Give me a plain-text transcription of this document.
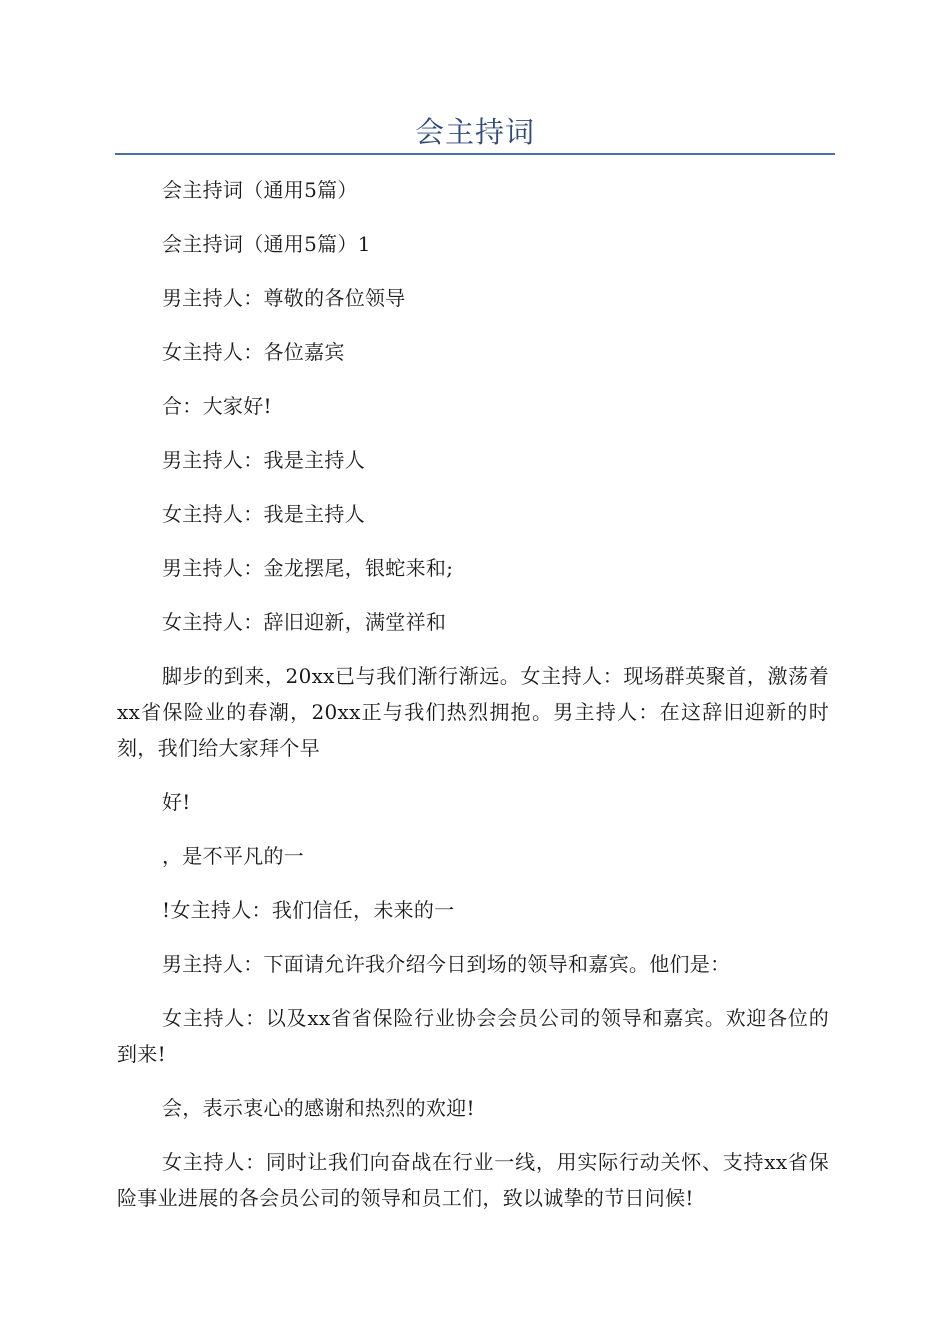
会主持词

会主持词（通用5篇）

会主持词（通用5篇）1

男主持人：尊敬的各位领导

女主持人：各位嘉宾

合：大家好!

男主持人：我是主持人

女主持人：我是主持人

男主持人：金龙摆尾，银蛇来和;

女主持人：辞旧迎新，满堂祥和

脚步的到来，20xx已与我们渐行渐远。女主持人：现场群英聚首，激荡着xx省保险业的春潮，20xx正与我们热烈拥抱。男主持人：在这辞旧迎新的时刻，我们给大家拜个早

好!

，是不平凡的一

!女主持人：我们信任，未来的一

男主持人：下面请允许我介绍今日到场的领导和嘉宾。他们是：

女主持人：以及xx省省保险行业协会会员公司的领导和嘉宾。欢迎各位的到来!

会，表示衷心的感谢和热烈的欢迎!

女主持人：同时让我们向奋战在行业一线，用实际行动关怀、支持xx省保险事业进展的各会员公司的领导和员工们，致以诚挚的节日问候!
